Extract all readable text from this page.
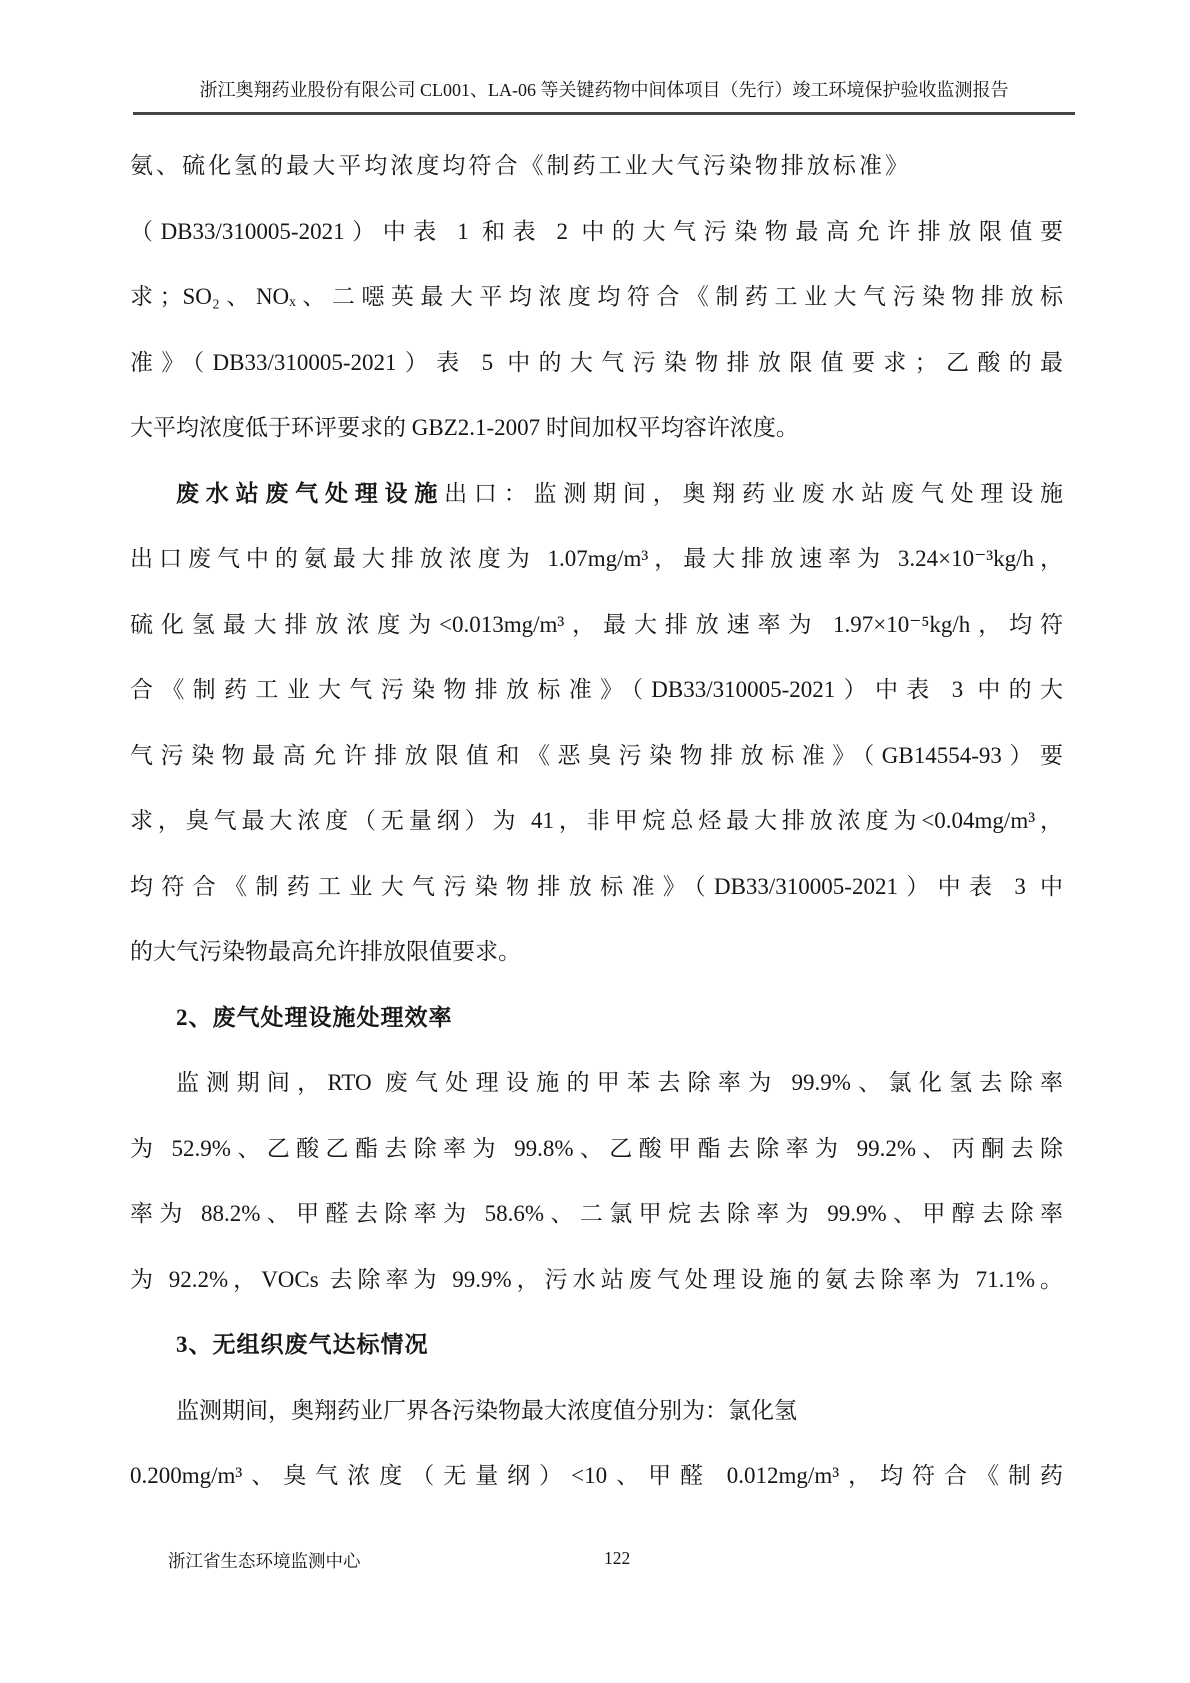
浙江奥翔药业股份有限公司 CL001、LA-06 等关键药物中间体项目（先行）竣工环境保护验收监测报告
氨、硫化氢的最大平均浓度均符合《制药工业大气污染物排放标准》
（DB33/310005-2021）中表 1 和表 2 中的大气污染物最高允许排放限值要
求；SO₂、NOₓ、二噁英最大平均浓度均符合《制药工业大气污染物排放标
准》（DB33/310005-2021）表 5 中的大气污染物排放限值要求；乙酸的最
大平均浓度低于环评要求的 GBZ2.1-2007 时间加权平均容许浓度。
废水站废气处理设施出口：监测期间，奥翔药业废水站废气处理设施
出口废气中的氨最大排放浓度为 1.07mg/m³，最大排放速率为 3.24×10⁻³kg/h，
硫化氢最大排放浓度为<0.013mg/m³，最大排放速率为 1.97×10⁻⁵kg/h，均符
合《制药工业大气污染物排放标准》（DB33/310005-2021）中表 3 中的大
气污染物最高允许排放限值和《恶臭污染物排放标准》（GB14554-93）要
求，臭气最大浓度（无量纲）为 41，非甲烷总烃最大排放浓度为<0.04mg/m³，
均符合《制药工业大气污染物排放标准》（DB33/310005-2021）中表 3 中
的大气污染物最高允许排放限值要求。
2、废气处理设施处理效率
监测期间，RTO 废气处理设施的甲苯去除率为 99.9%、氯化氢去除率
为 52.9%、乙酸乙酯去除率为 99.8%、乙酸甲酯去除率为 99.2%、丙酮去除
率为 88.2%、甲醛去除率为 58.6%、二氯甲烷去除率为 99.9%、甲醇去除率
为 92.2%，VOCs 去除率为 99.9%，污水站废气处理设施的氨去除率为 71.1%。
3、无组织废气达标情况
监测期间，奥翔药业厂界各污染物最大浓度值分别为：氯化氢
0.200mg/m³、臭气浓度（无量纲）<10、甲醛 0.012mg/m³，均符合《制药
浙江省生态环境监测中心	122
